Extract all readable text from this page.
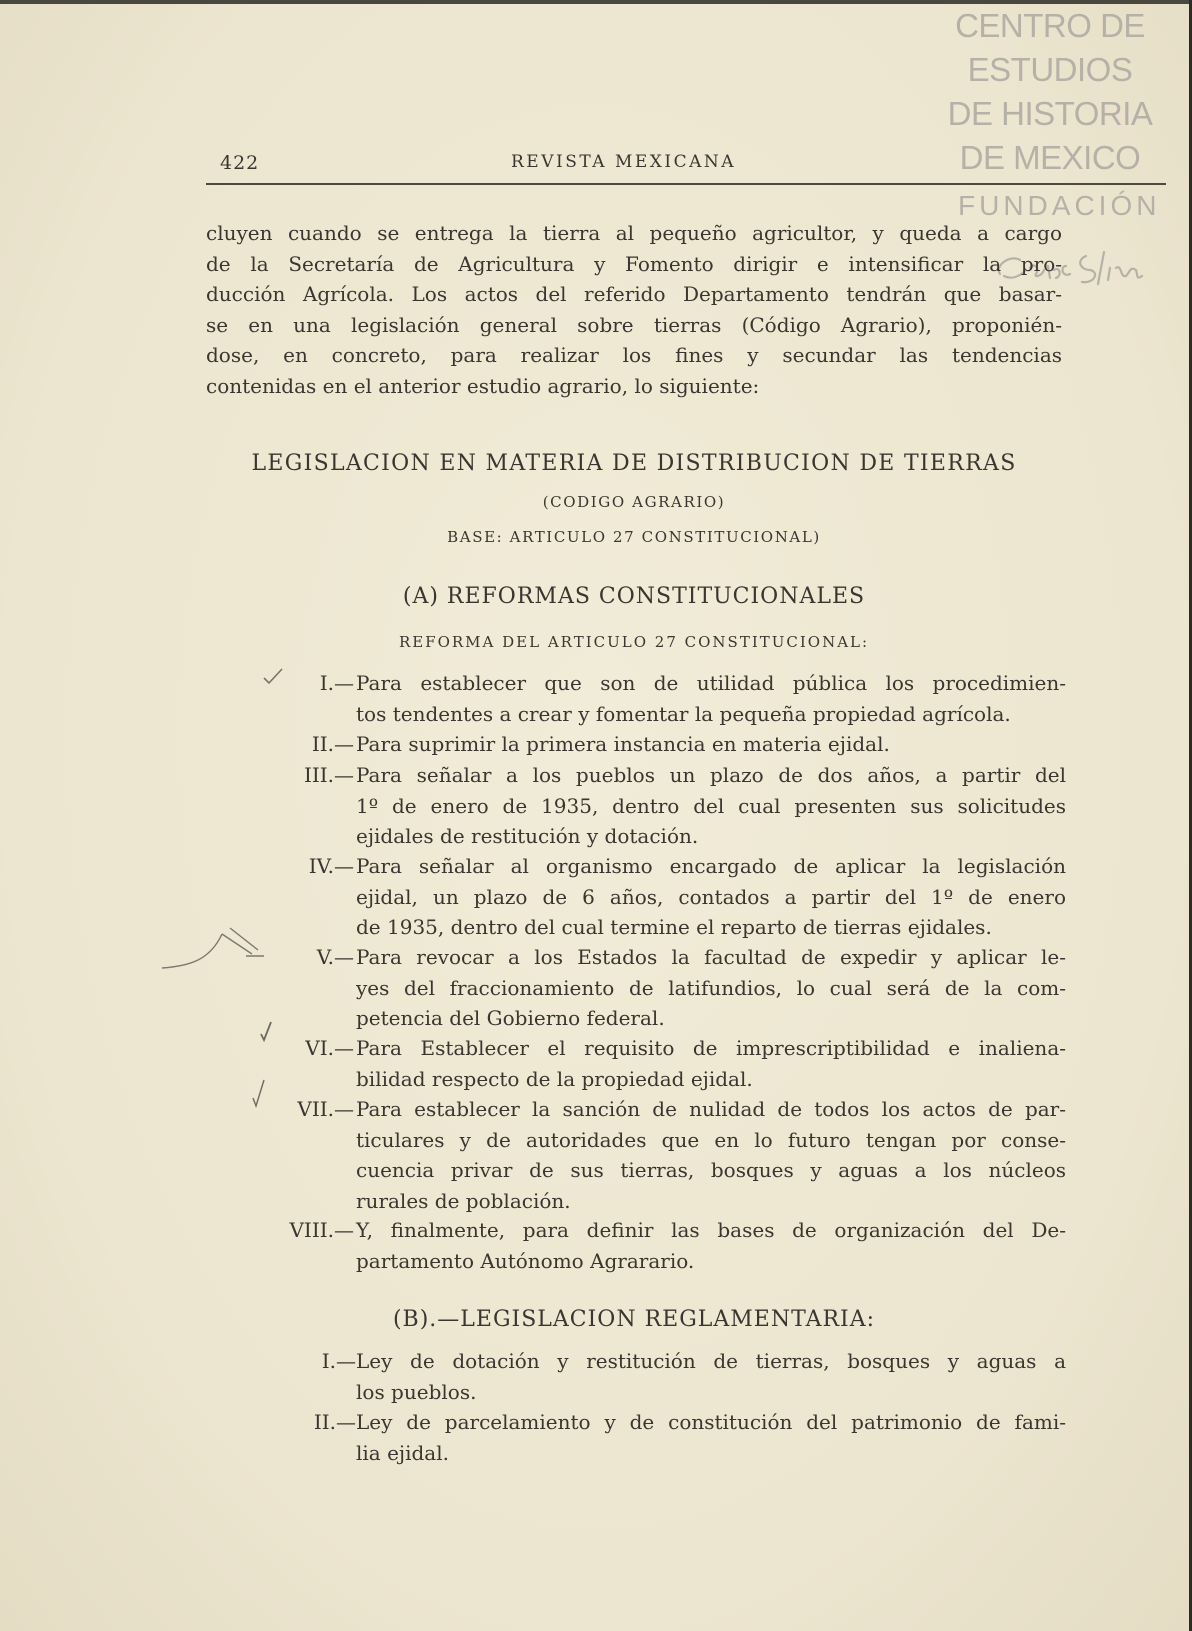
CENTRO DE
ESTUDIOS
DE HISTORIA
DE MEXICO
FUNDACIÓN
422	REVISTA MEXICANA

cluyen cuando se entrega la tierra al pequeño agricultor, y queda a cargo

de la Secretaría de Agricultura y Fomento dirigir e intensificar la pro-

ducción Agrícola. Los actos del referido Departamento tendrán que basar-

se en una legislación general sobre tierras (Código Agrario), proponién-

dose, en concreto, para realizar los fines y secundar las tendencias

contenidas en el anterior estudio agrario, lo siguiente:

LEGISLACION EN MATERIA DE DISTRIBUCION DE TIERRAS
(CODIGO AGRARIO)
BASE: ARTICULO 27 CONSTITUCIONAL)
(A) REFORMAS CONSTITUCIONALES
REFORMA DEL ARTICULO 27 CONSTITUCIONAL:
I.— Para establecer que son de utilidad pública los procedimien-
tos tendentes a crear y fomentar la pequeña propiedad agrícola.
II.— Para suprimir la primera instancia en materia ejidal.
III.— Para señalar a los pueblos un plazo de dos años, a partir del
1º de enero de 1935, dentro del cual presenten sus solicitudes
ejidales de restitución y dotación.
IV.— Para señalar al organismo encargado de aplicar la legislación
ejidal, un plazo de 6 años, contados a partir del 1º de enero
de 1935, dentro del cual termine el reparto de tierras ejidales.
V.— Para revocar a los Estados la facultad de expedir y aplicar le-
yes del fraccionamiento de latifundios, lo cual será de la com-
petencia del Gobierno federal.
VI.— Para Establecer el requisito de imprescriptibilidad e inaliena-
bilidad respecto de la propiedad ejidal.
VII.— Para establecer la sanción de nulidad de todos los actos de par-
ticulares y de autoridades que en lo futuro tengan por conse-
cuencia privar de sus tierras, bosques y aguas a los núcleos
rurales de población.
VIII.— Y, finalmente, para definir las bases de organización del De-
partamento Autónomo Agrarario.
(B).—LEGISLACION REGLAMENTARIA:
I.— Ley de dotación y restitución de tierras, bosques y aguas a
los pueblos.
II.— Ley de parcelamiento y de constitución del patrimonio de fami-
lia ejidal.
